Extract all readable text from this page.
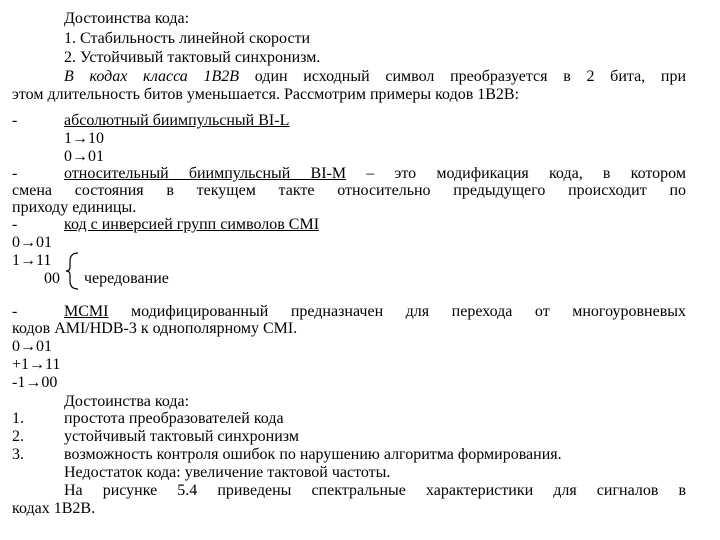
Достоинства кода:
1. Стабильность линейной скорости
2. Устойчивый тактовый синхронизм.
В кодах класса 1В2В один исходный символ преобразуется в 2 бита, при
этом длительность битов уменьшается. Рассмотрим примеры кодов 1В2В:
-	абсолютный биимпульсный BI-L
1→10
0→01
-	относительный биимпульсный BI-M – это модификация кода, в котором
смена состояния в текущем такте относительно предыдущего происходит по
приходу единицы.
-	код с инверсией групп символов CMI
0→01
1→11
00 чередование
-	MCMI модифицированный предназначен для перехода от многоуровневых
кодов AMI/HDB-3 к однополярному CMI.
0→01
+1→11
-1→00
Достоинства кода:
1.	простота преобразователей кода
2.	устойчивый тактовый синхронизм
3.	возможность контроля ошибок по нарушению алгоритма формирования.
Недостаток кода: увеличение тактовой частоты.
На рисунке 5.4 приведены спектральные характеристики для сигналов в
кодах 1В2В.
